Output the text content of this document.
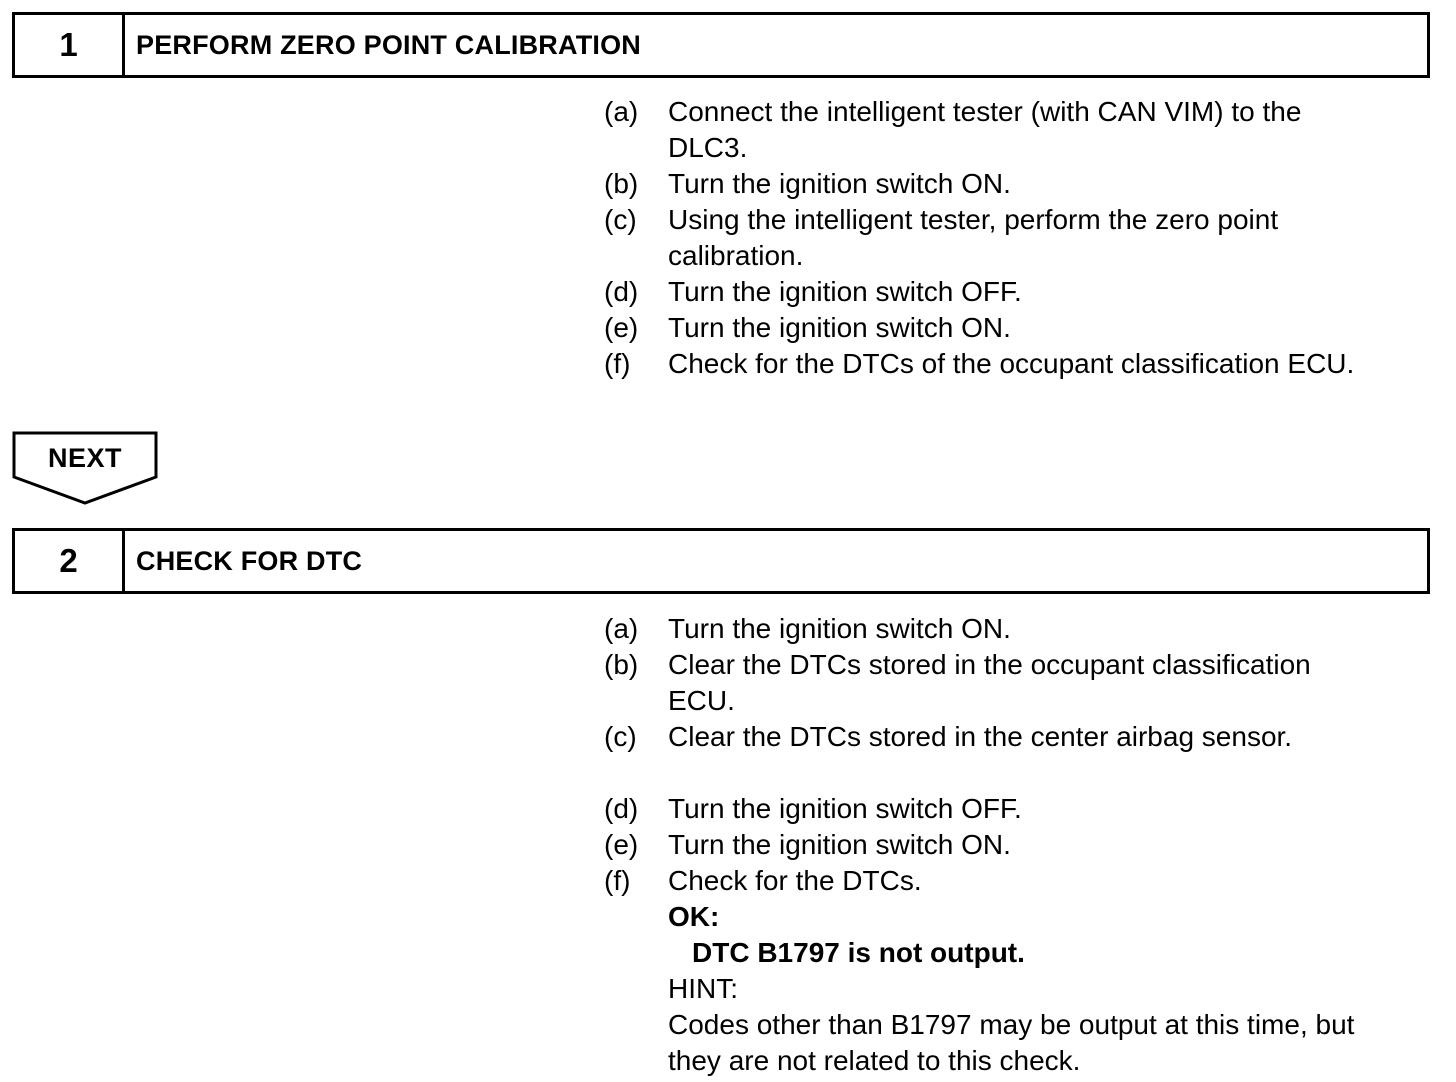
1	PERFORM ZERO POINT CALIBRATION
(a)	Connect the intelligent tester (with CAN VIM) to the
DLC3.
(b)	Turn the ignition switch ON.
(c)	Using the intelligent tester, perform the zero point
calibration.
(d)	Turn the ignition switch OFF.
(e)	Turn the ignition switch ON.
(f)	Check for the DTCs of the occupant classification ECU.
NEXT
2	CHECK FOR DTC
(a)	Turn the ignition switch ON.
(b)	Clear the DTCs stored in the occupant classification
ECU.
(c)	Clear the DTCs stored in the center airbag sensor.
(d)	Turn the ignition switch OFF.
(e)	Turn the ignition switch ON.
(f)	Check for the DTCs.
OK:
DTC B1797 is not output.
HINT:
Codes other than B1797 may be output at this time, but
they are not related to this check.
